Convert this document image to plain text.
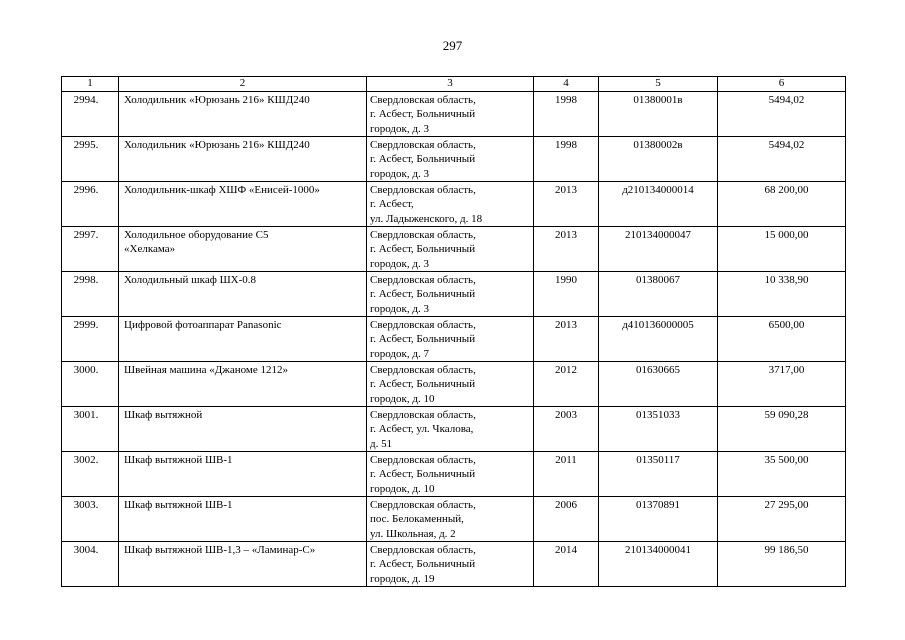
297
1	2	3	4	5	6
2994.	Холодильник «Юрюзань 216» КШД240	Свердловская область,
г. Асбест, Больничный
городок, д. 3	1998	01380001в	5494,02
2995.	Холодильник «Юрюзань 216» КШД240	Свердловская область,
г. Асбест, Больничный
городок, д. 3	1998	01380002в	5494,02
2996.	Холодильник-шкаф ХШФ «Енисей-1000»	Свердловская область,
г. Асбест,
ул. Ладыженского, д. 18	2013	д210134000014	68 200,00
2997.	Холодильное оборудование С5
«Хелкама»	Свердловская область,
г. Асбест, Больничный
городок, д. 3	2013	210134000047	15 000,00
2998.	Холодильный шкаф ШХ-0.8	Свердловская область,
г. Асбест, Больничный
городок, д. 3	1990	01380067	10 338,90
2999.	Цифровой фотоаппарат Panasonic	Свердловская область,
г. Асбест, Больничный
городок, д. 7	2013	д410136000005	6500,00
3000.	Швейная машина «Джаноме 1212»	Свердловская область,
г. Асбест, Больничный
городок, д. 10	2012	01630665	3717,00
3001.	Шкаф вытяжной	Свердловская область,
г. Асбест, ул. Чкалова,
д. 51	2003	01351033	59 090,28
3002.	Шкаф вытяжной ШВ-1	Свердловская область,
г. Асбест, Больничный
городок, д. 10	2011	01350117	35 500,00
3003.	Шкаф вытяжной ШВ-1	Свердловская область,
пос. Белокаменный,
ул. Школьная, д. 2	2006	01370891	27 295,00
3004.	Шкаф вытяжной ШВ-1,3 – «Ламинар-С»	Свердловская область,
г. Асбест, Больничный
городок, д. 19	2014	210134000041	99 186,50
